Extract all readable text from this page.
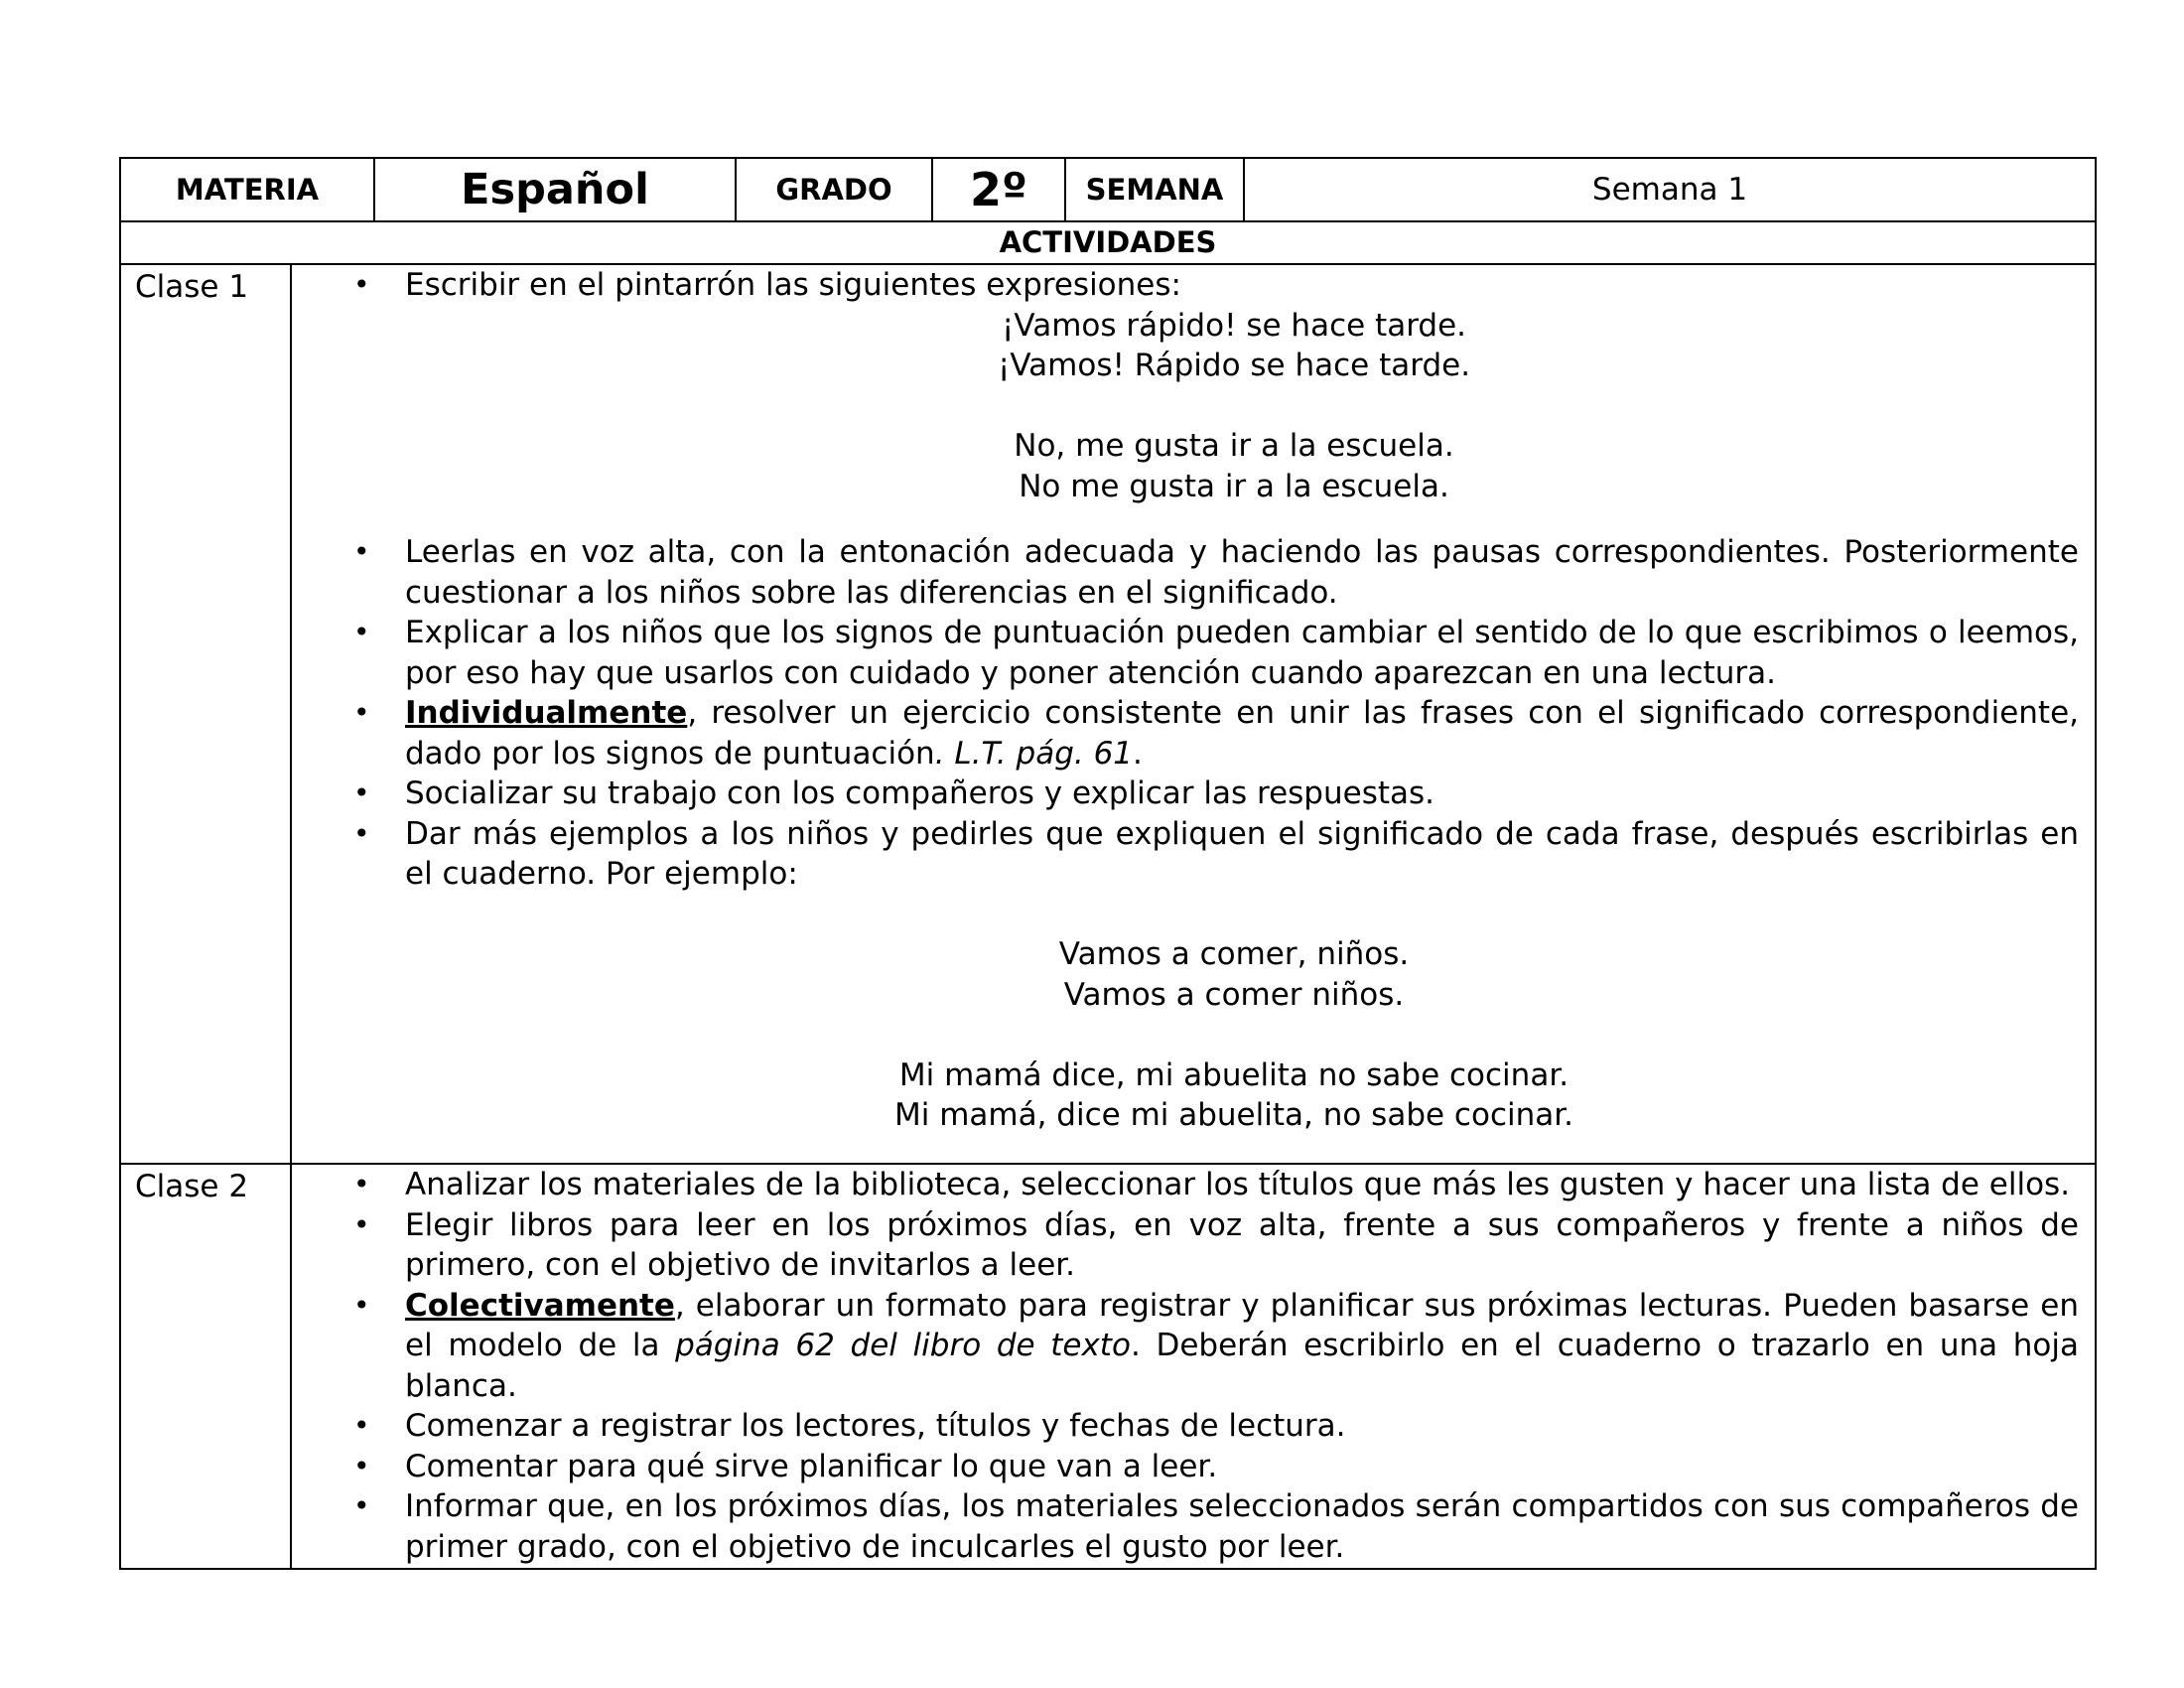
MATERIA	Español	GRADO	2º	SEMANA	Semana 1
ACTIVIDADES
Clase 1	• Escribir en el pintarrón las siguientes expresiones:
¡Vamos rápido! se hace tarde.
¡Vamos! Rápido se hace tarde.
No, me gusta ir a la escuela.
No me gusta ir a la escuela.
• Leerlas en voz alta, con la entonación adecuada y haciendo las pausas correspondientes. Posteriormente cuestionar a los niños sobre las diferencias en el significado.
• Explicar a los niños que los signos de puntuación pueden cambiar el sentido de lo que escribimos o leemos, por eso hay que usarlos con cuidado y poner atención cuando aparezcan en una lectura.
• Individualmente, resolver un ejercicio consistente en unir las frases con el significado correspondiente, dado por los signos de puntuación. L.T. pág. 61.
• Socializar su trabajo con los compañeros y explicar las respuestas.
• Dar más ejemplos a los niños y pedirles que expliquen el significado de cada frase, después escribirlas en el cuaderno. Por ejemplo:
Vamos a comer, niños.
Vamos a comer niños.
Mi mamá dice, mi abuelita no sabe cocinar.
Mi mamá, dice mi abuelita, no sabe cocinar.
Clase 2	• Analizar los materiales de la biblioteca, seleccionar los títulos que más les gusten y hacer una lista de ellos.
• Elegir libros para leer en los próximos días, en voz alta, frente a sus compañeros y frente a niños de primero, con el objetivo de invitarlos a leer.
• Colectivamente, elaborar un formato para registrar y planificar sus próximas lecturas. Pueden basarse en el modelo de la página 62 del libro de texto. Deberán escribirlo en el cuaderno o trazarlo en una hoja blanca.
• Comenzar a registrar los lectores, títulos y fechas de lectura.
• Comentar para qué sirve planificar lo que van a leer.
• Informar que, en los próximos días, los materiales seleccionados serán compartidos con sus compañeros de primer grado, con el objetivo de inculcarles el gusto por leer.
